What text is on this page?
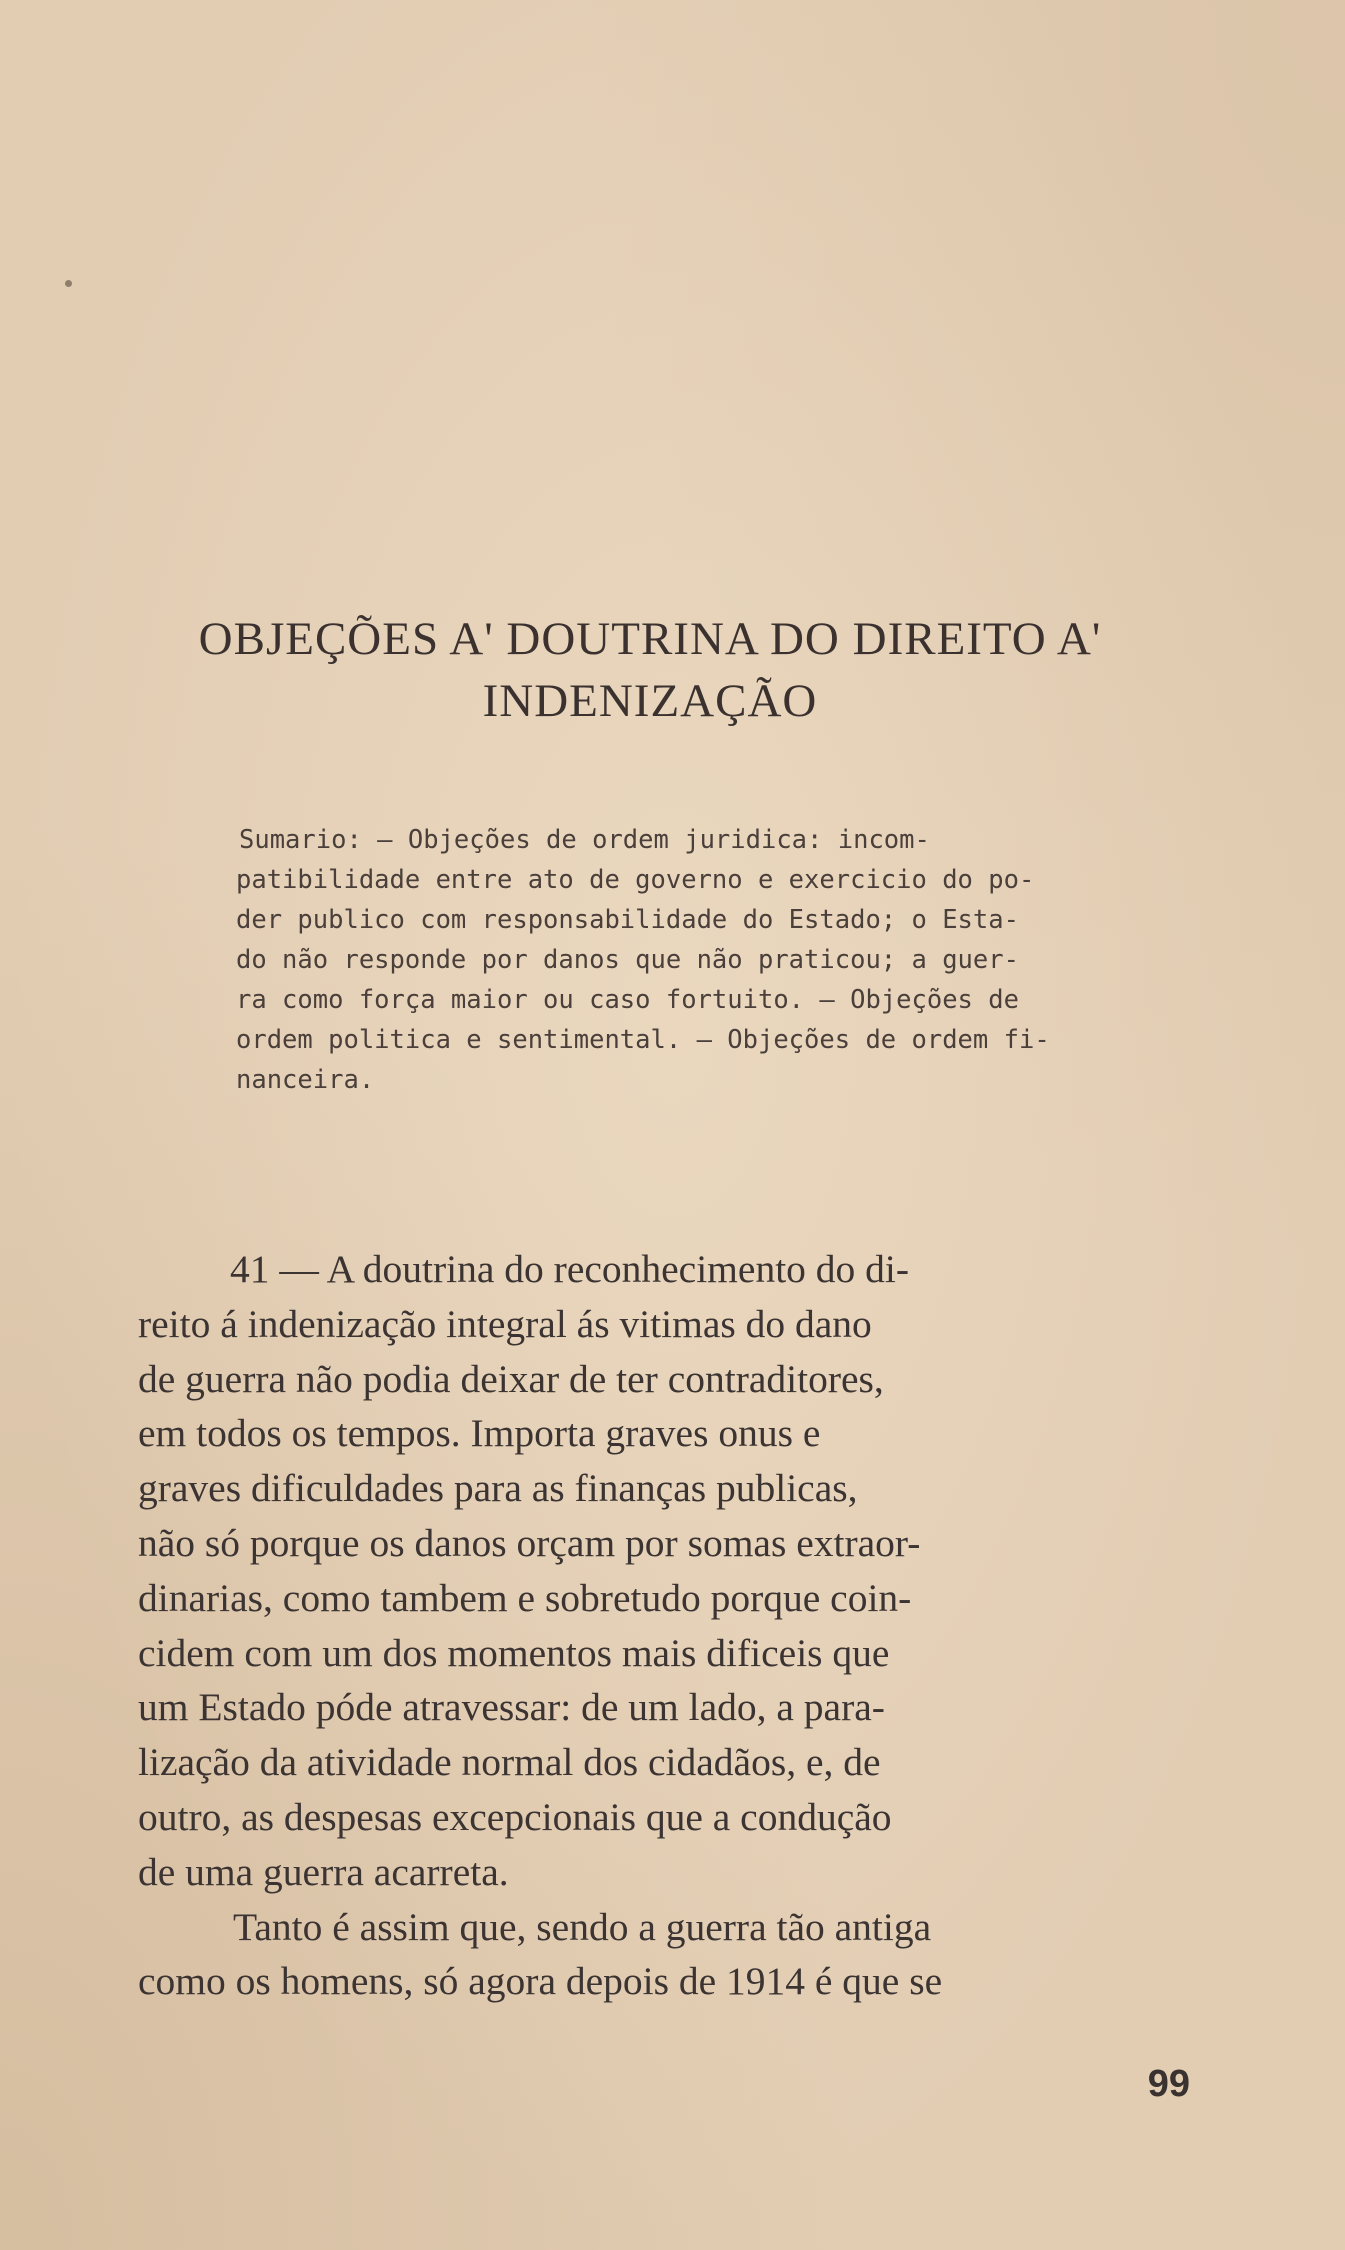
OBJEÇÕES A' DOUTRINA DO DIREITO A'
INDENIZAÇÃO
Sumario: — Objeções de ordem juridica: incom-
patibilidade entre ato de governo e exercicio do po-
der publico com responsabilidade do Estado; o Esta-
do não responde por danos que não praticou; a guer-
ra como força maior ou caso fortuito. — Objeções de
ordem politica e sentimental. — Objeções de ordem fi-
nanceira.
41 — A doutrina do reconhecimento do di-
reito á indenização integral ás vitimas do dano
de guerra não podia deixar de ter contraditores,
em todos os tempos. Importa graves onus e
graves dificuldades para as finanças publicas,
não só porque os danos orçam por somas extraor-
dinarias, como tambem e sobretudo porque coin-
cidem com um dos momentos mais dificeis que
um Estado póde atravessar: de um lado, a para-
lização da atividade normal dos cidadãos, e, de
outro, as despesas excepcionais que a condução
de uma guerra acarreta.
Tanto é assim que, sendo a guerra tão antiga
como os homens, só agora depois de 1914 é que se
99
